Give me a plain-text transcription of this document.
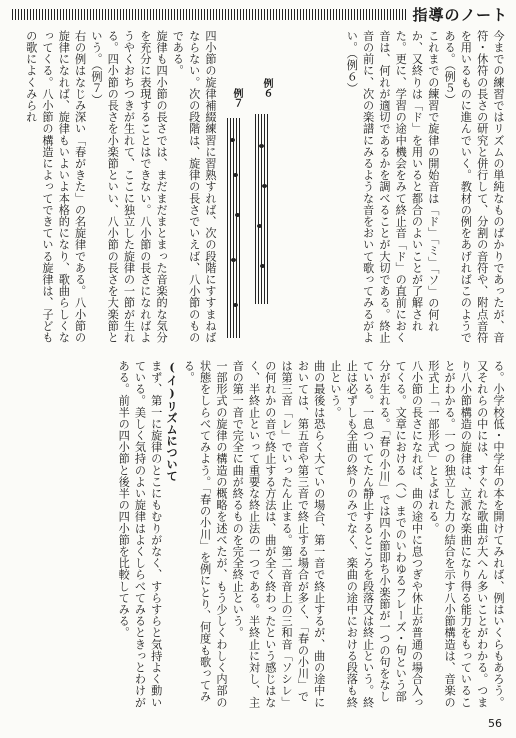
指導のノート

今までの練習ではリズムの単純なものばかりであったが、音符・休符の長さの研究と併行して、分割の音符や、附点音符を用いるものに進んでいく。教材の例をあげればこのようである。（例５）

これまでの練習で旋律の開始音は「ド」「ミ」「ソ」の何れか、又終りは「ド」を用いると都合のよいことが了解された。更に、学習の途中機会をみて終止音「ド」の直前におく音は、何れが適切であるかを調べることが大切である。終止音の前に、次の楽譜にみるような音をおいて歌ってみるがよい。（例６）

例６
例７

四小節の旋律補綴練習に習熟すれば、次の段階にすすまねばならない。次の段階は、旋律の長さでいえば、八小節のものである。

旋律も四小節の長さでは、まだまだまとまった音楽的な気分を充分に表現することはできない。八小節の長さになればようやくおちつきが生れて、ここに独立した旋律の一節が生れる。四小節の長さを小楽節といい、八小節の長さを大楽節という。（例７）

右の例はなじみ深い「春がきた」の名旋律である。八小節の旋律になれば、旋律もいよいよ本格的になり、歌曲らしくなってくる。八小節の構造によってできている旋律は、子どもの歌によくみられ

る。小学校低・中学年の本を開けてみれば、例はいくらもあろう。又それらの中には、すぐれた歌曲が大へん多いことがわかる。つまり八小節構造の旋律は、立派な楽曲になり得る能力をもっていることがわかる。一つの独立した力の結合を示す八小節構造は、音楽の形式上「一部形式」とよばれる。

八小節の長さになれば、曲の途中に息つぎや休止が普通の場合入ってくる。文章における（、）までのいわゆるフレーズ・句という部分が生れる。「春の小川」では四小節即ち小楽節が一つの句をなしている。一息ついてたん静止するところを段落又は終止という。終止は必ずしも全曲の終りのみでなく、楽曲の途中における段落も終止という。

曲の最後は恐らく大ていの場合、第一音で終止するが、曲の途中においては、第五音や第三音で終止する場合が多く、「春の小川」では第三音「レ」でいったん止まる。第二音音上の三和音「ソシレ」の何れかの音で終止する方法は、曲が全く終わったという感じはなく、半終止といって重要な終止法の一つである。半終止に対し、主音の第一音で完全に曲が終るものを完全終止という。

一部形式の旋律の構造の概略を述べたが、もう少しくわしく内部の状態をしらべてみよう。「春の小川」を例にとり、何度も歌ってみる。

(イ)リズムについて

まず、第一に旋律のとこにもむりがなく、すらすらと気持よく動いている。美しく気持のよい旋律はよくしらべてみるときっとわけがある。前半の四小節と後半の四小節を比較してみる。

56
